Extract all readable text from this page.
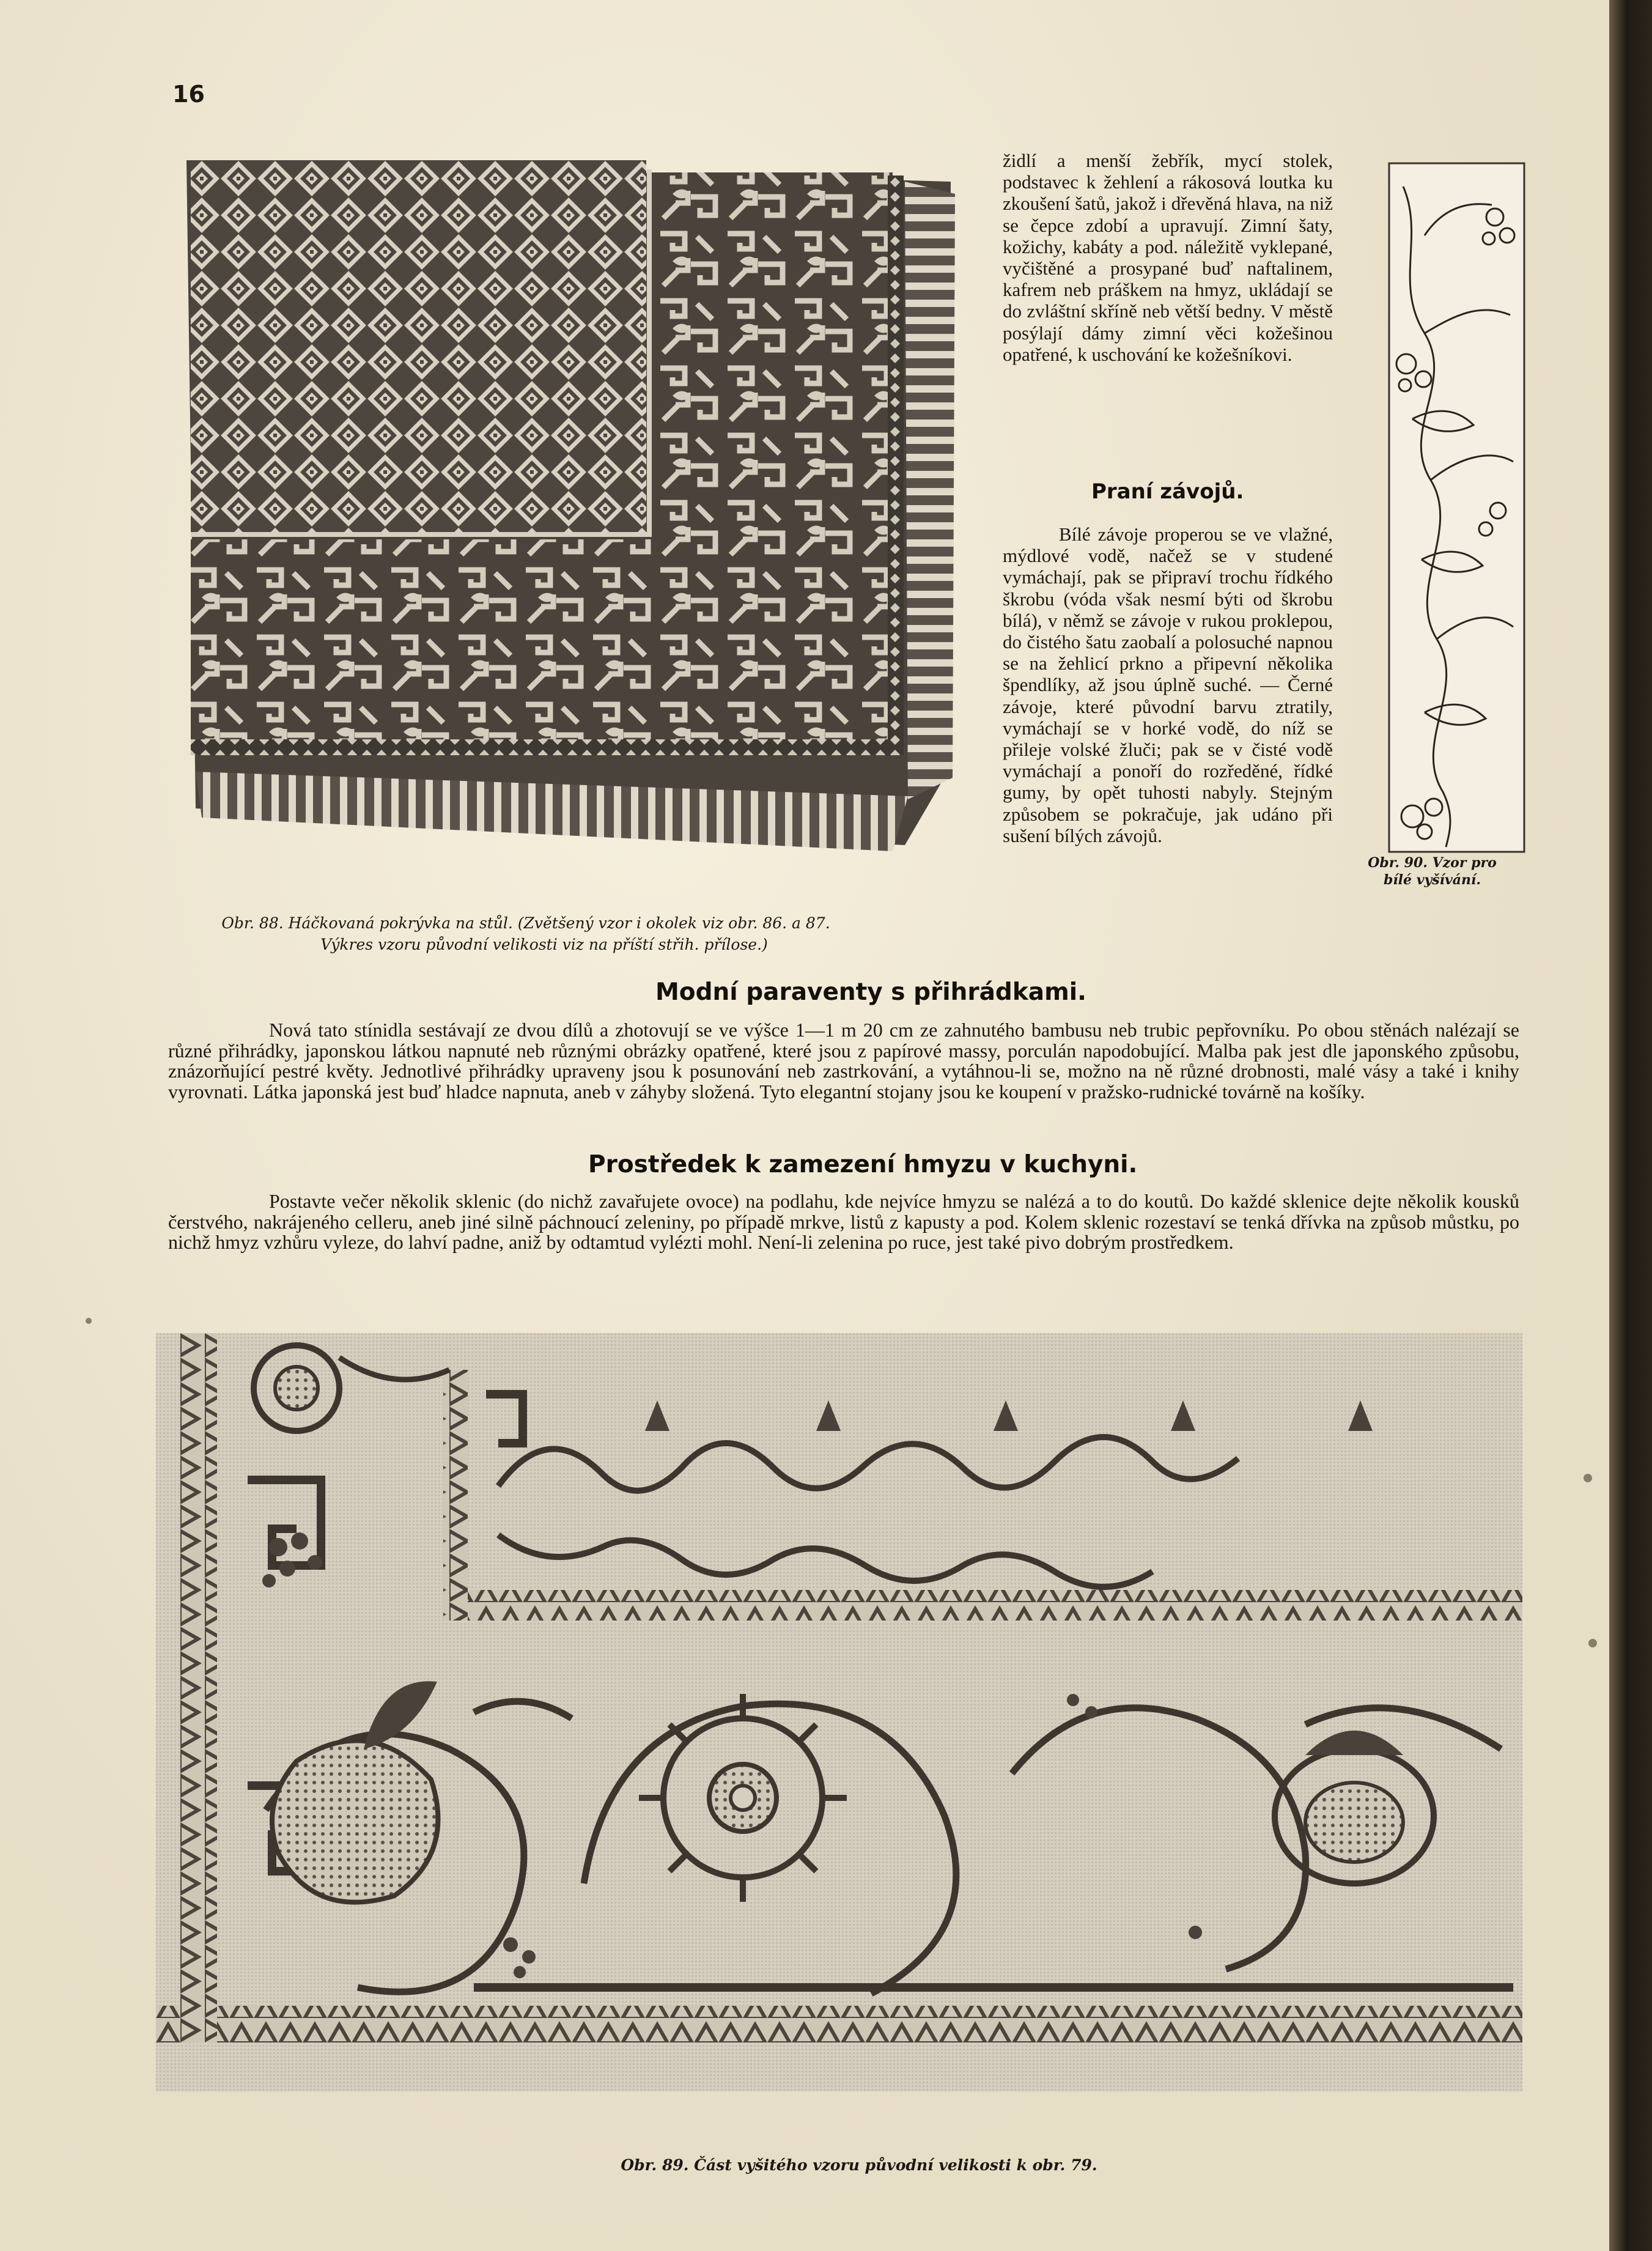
16
Obr. 88. Háčkovaná pokrývka na stůl. (Zvětšený vzor i okolek viz obr. 86. a 87.
Výkres vzoru původní velikosti viz na příští střih. přílose.)

židlí a menší žebřík, mycí stolek, podstavec k žehlení a rákosová loutka ku zkoušení šatů, jakož i dřevěná hlava, na niž se čepce zdobí a upravují. Zimní šaty, kožichy, kabáty a pod. náležitě vyklepané, vyčištěné a prosypané buď naftalinem, kafrem neb práškem na hmyz, ukládají se do zvláštní skříně neb větší bedny. V městě posýlají dámy zimní věci kožešinou opatřené, k uschování ke kožešníkovi.

Praní závojů.

Bílé závoje properou se ve vlažné, mýdlové vodě, načež se v studené vymáchají, pak se připraví trochu řídkého škrobu (vóda však nesmí býti od škrobu bílá), v němž se závoje v rukou proklepou, do čistého šatu zaobalí a polosuché napnou se na žehlicí prkno a připevní několika špendlíky, až jsou úplně suché. — Černé závoje, které původní barvu ztratily, vymáchají se v horké vodě, do níž se přileje volské žluči; pak se v čisté vodě vymáchají a ponoří do rozředěné, řídké gumy, by opět tuhosti nabyly. Stejným způsobem se pokračuje, jak udáno při sušení bílých závojů.

Obr. 90. Vzor pro
bílé vyšívání.
Modní paraventy s přihrádkami.

Nová tato stínidla sestávají ze dvou dílů a zhotovují se ve výšce 1—1 m 20 cm ze zahnutého bambusu neb trubic pepřovníku. Po obou stěnách nalézají se různé přihrádky, japonskou látkou napnuté neb různými obrázky opatřené, které jsou z papírové massy, porculán napodobující. Malba pak jest dle japonského způsobu, znázorňující pestré květy. Jednotlivé přihrádky upraveny jsou k posunování neb zastrkování, a vytáhnou-li se, možno na ně různé drobnosti, malé vásy a také i knihy vyrovnati. Látka japonská jest buď hladce napnuta, aneb v záhyby složená. Tyto elegantní stojany jsou ke koupení v pražsko-rudnické továrně na košíky.

Prostředek k zamezení hmyzu v kuchyni.

Postavte večer několik sklenic (do nichž zavařujete ovoce) na podlahu, kde nejvíce hmyzu se nalézá a to do koutů. Do každé sklenice dejte několik kousků čerstvého, nakrájeného celleru, aneb jiné silně páchnoucí zeleniny, po případě mrkve, listů z kapusty a pod. Kolem sklenic rozestaví se tenká dřívka na způsob můstku, po nichž hmyz vzhůru vyleze, do lahví padne, aniž by odtamtud vylézti mohl. Není-li zelenina po ruce, jest také pivo dobrým prostředkem.

Obr. 89. Část vyšitého vzoru původní velikosti k obr. 79.
